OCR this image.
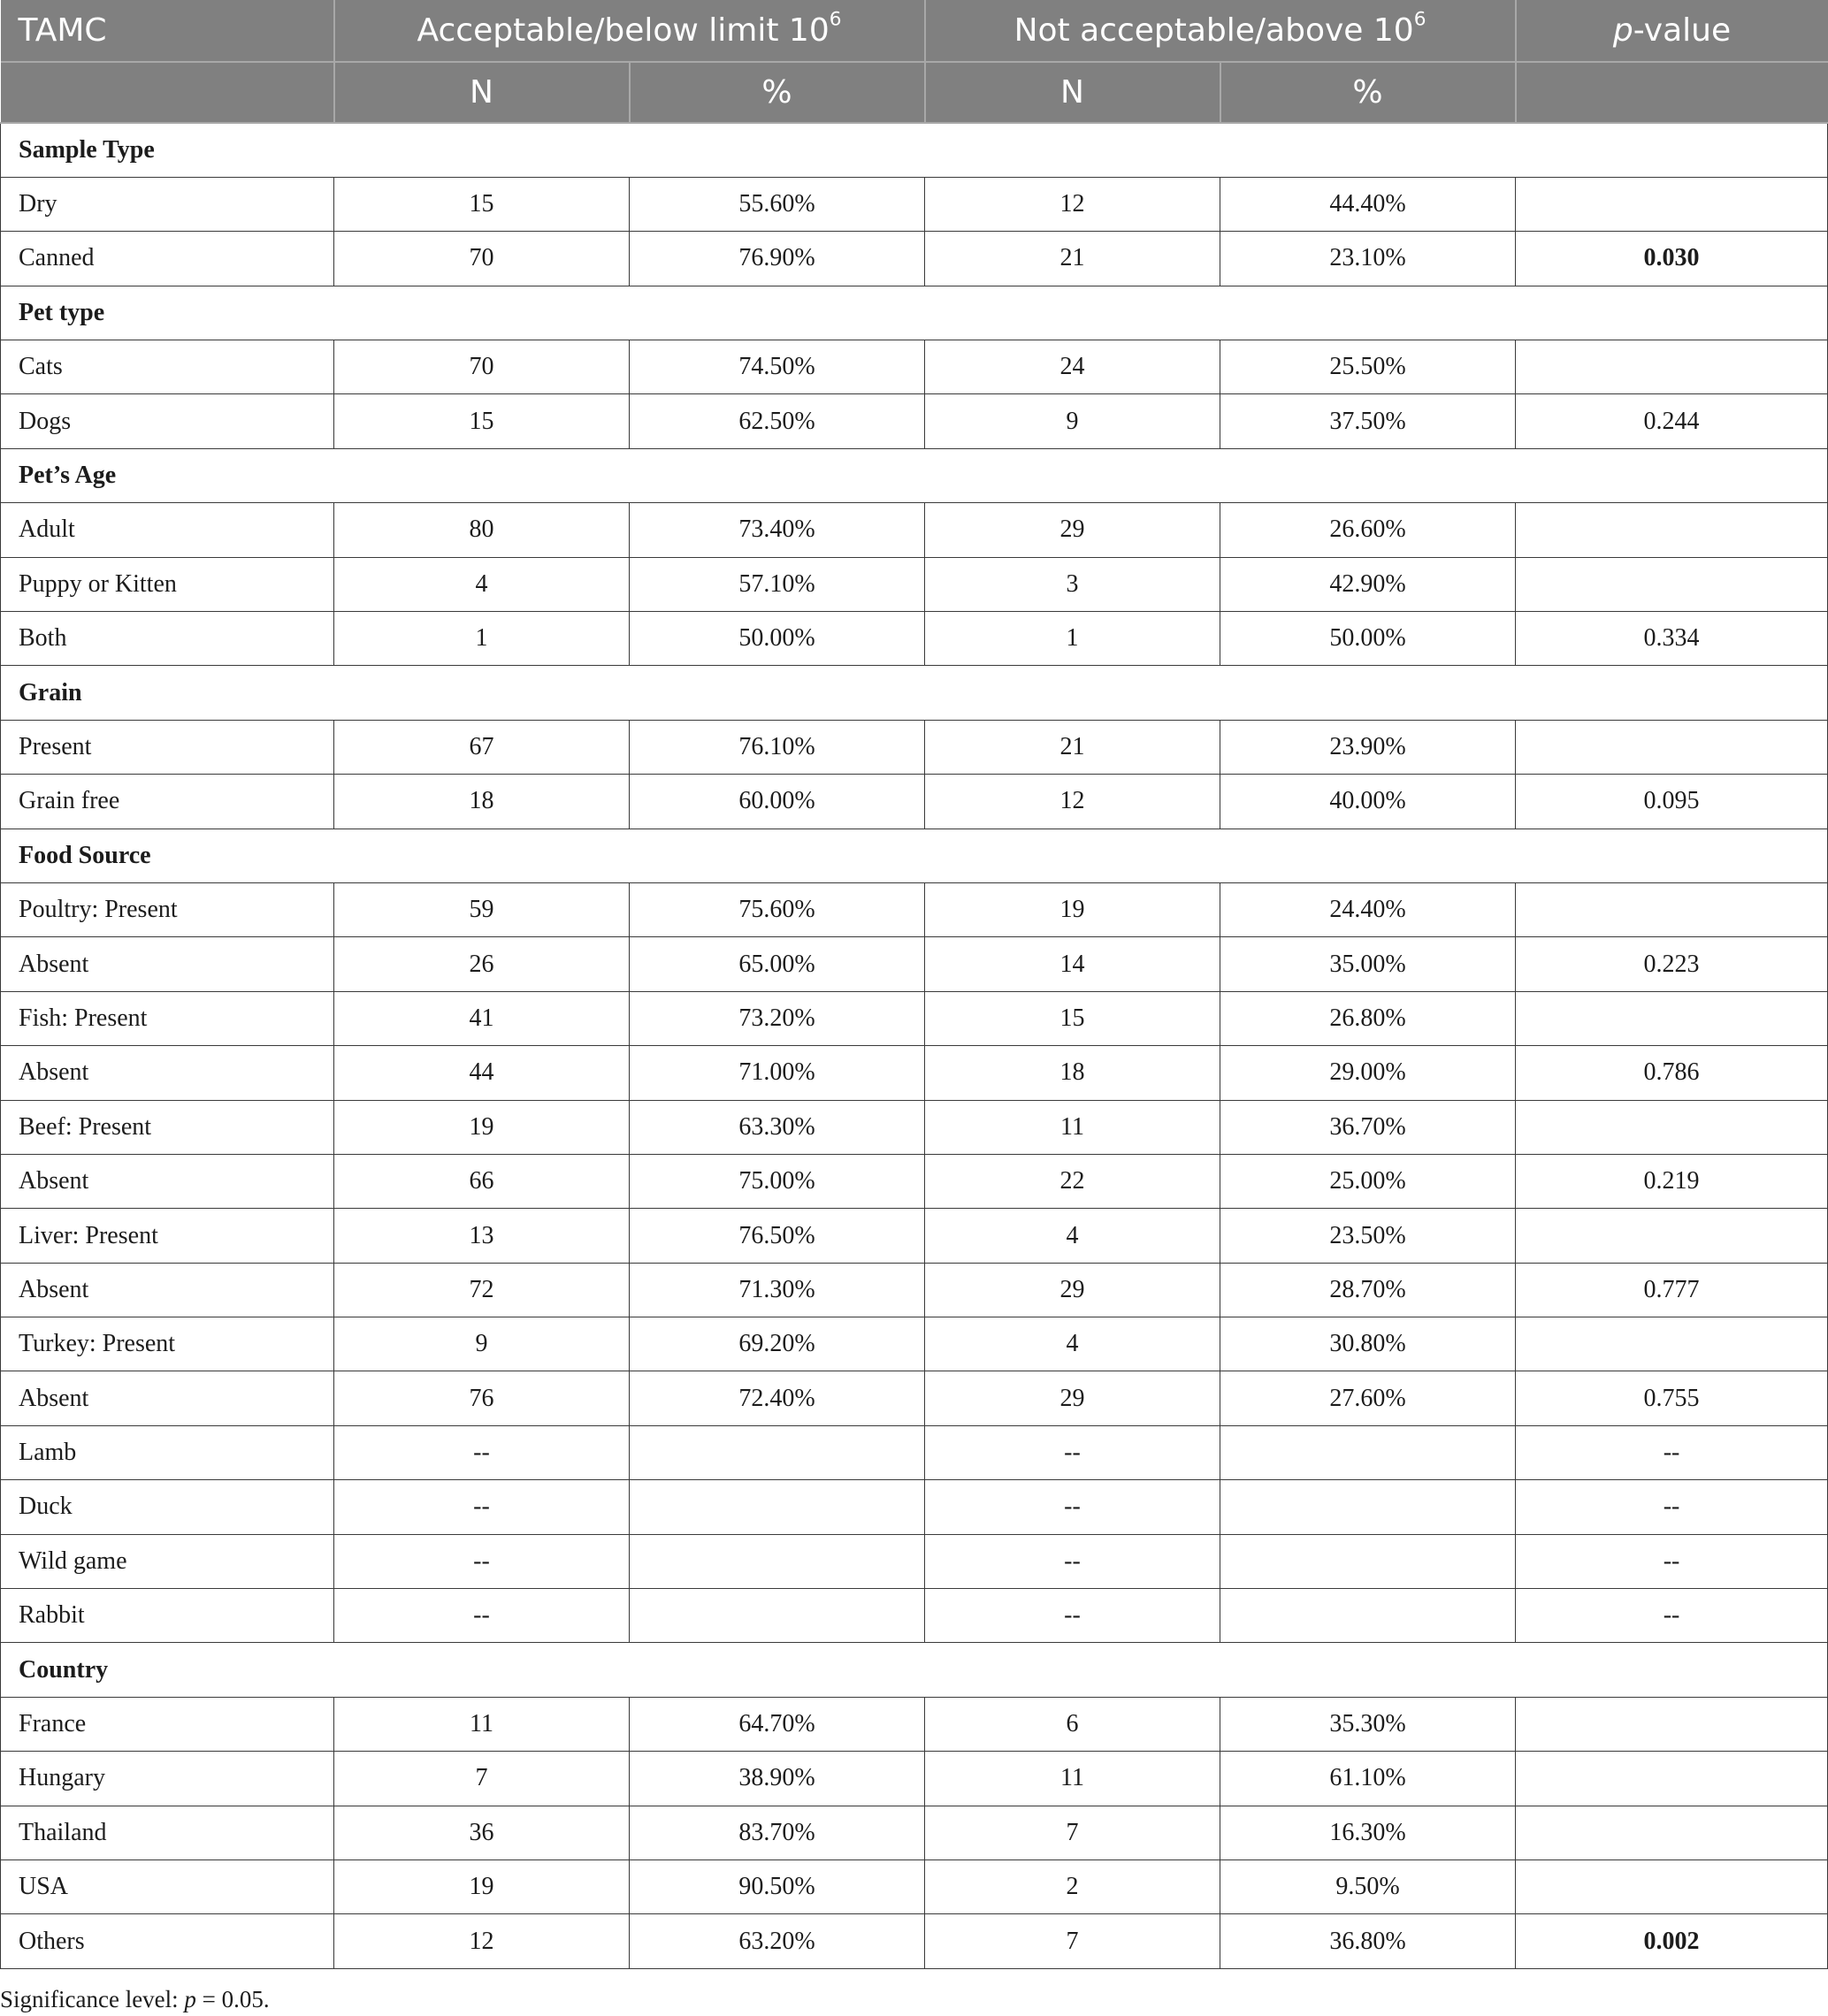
TAMC	Acceptable/below limit $10^6$		Not acceptable/above $10^6$		p-value
	N	%	N	%	
Sample Type					
Dry	15	55.60%	12	44.40%	
Canned	70	76.90%	21	23.10%	0.030
Pet type					
Cats	70	74.50%	24	25.50%	
Dogs	15	62.50%	9	37.50%	0.244
Pet’s Age					
Adult	80	73.40%	29	26.60%	
Puppy or Kitten	4	57.10%	3	42.90%	
Both	1	50.00%	1	50.00%	0.334
Grain					
Present	67	76.10%	21	23.90%	
Grain free	18	60.00%	12	40.00%	0.095
Food Source					
Poultry: Present	59	75.60%	19	24.40%	
Absent	26	65.00%	14	35.00%	0.223
Fish: Present	41	73.20%	15	26.80%	
Absent	44	71.00%	18	29.00%	0.786
Beef: Present	19	63.30%	11	36.70%	
Absent	66	75.00%	22	25.00%	0.219
Liver: Present	13	76.50%	4	23.50%	
Absent	72	71.30%	29	28.70%	0.777
Turkey: Present	9	69.20%	4	30.80%	
Absent	76	72.40%	29	27.60%	0.755
Lamb	--		--		--
Duck	--		--		--
Wild game	--		--		--
Rabbit	--		--		--
Country					
France	11	64.70%	6	35.30%	
Hungary	7	38.90%	11	61.10%	
Thailand	36	83.70%	7	16.30%	
USA	19	90.50%	2	9.50%	
Others	12	63.20%	7	36.80%	0.002
Significance level: p = 0.05.
